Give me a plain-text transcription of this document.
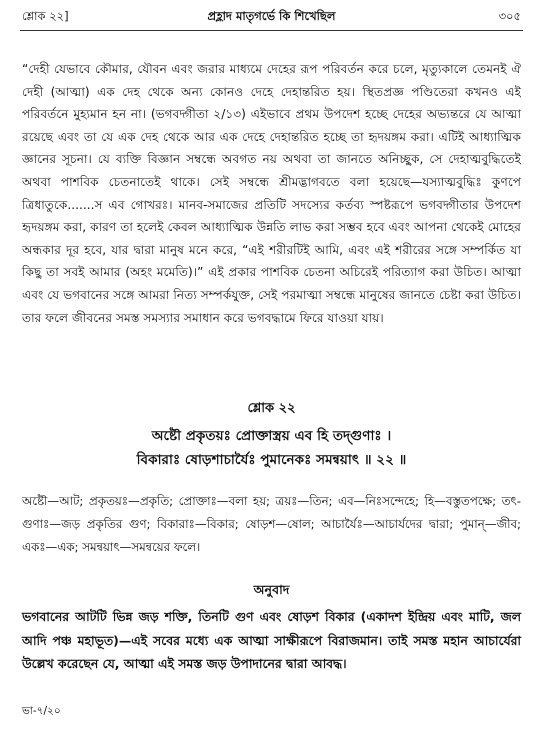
শ্লোক ২২]	প্রহ্লাদ মাতৃগর্ভে কি শিখেছিল	৩০৫

“দেহী যেভাবে কৌমার, যৌবন এবং জরার মাধ্যমে দেহের রূপ পরিবর্তন করে চলে, মৃত্যুকালে তেমনই ঐ দেহী (আত্মা) এক দেহ থেকে অন্য কোনও দেহে দেহান্তরিত হয়। স্থিতপ্রজ্ঞ পণ্ডিতেরা কখনও এই পরিবর্তনে মুহ্যমান হন না। (ভগবদ্গীতা ২/১৩) এইভাবে প্রথম উপদেশ হচ্ছে দেহের অভ্যন্তরে যে আত্মা রয়েছে এবং তা যে এক দেহ থেকে আর এক দেহে দেহান্তরিত হচ্ছে তা হৃদয়ঙ্গম করা। এটিই আধ্যাত্মিক জ্ঞানের সূচনা। যে ব্যক্তি বিজ্ঞান সম্বন্ধে অবগত নয় অথবা তা জানতে অনিচ্ছুক, সে দেহাত্মবুদ্ধিতেই অথবা পাশবিক চেতনাতেই থাকে। সেই সম্বন্ধে শ্রীমদ্ভাগবতে বলা হয়েছে—যস্যাত্মবুদ্ধিঃ কুণপে ত্রিধাতুকে.......স এব গোখরঃ। মানব-সমাজের প্রতিটি সদস্যের কর্তব্য স্পষ্টরূপে ভগবদ্গীতার উপদেশ হৃদয়ঙ্গম করা, কারণ তা হলেই কেবল আধ্যাত্মিক উন্নতি লাভ করা সম্ভব হবে এবং আপনা থেকেই মোহের অন্ধকার দূর হবে, যার দ্বারা মানুষ মনে করে, “এই শরীরটিই আমি, এবং এই শরীরের সঙ্গে সম্পর্কিত যা কিছু তা সবই আমার (অহং মমেতি)।” এই প্রকার পাশবিক চেতনা অচিরেই পরিত্যাগ করা উচিত। আত্মা এবং যে ভগবানের সঙ্গে আমরা নিত্য সম্পর্কযুক্ত, সেই পরমাত্মা সম্বন্ধে মানুষের জানতে চেষ্টা করা উচিত। তার ফলে জীবনের সমস্ত সমস্যার সমাধান করে ভগবদ্ধামে ফিরে যাওয়া যায়।

শ্লোক ২২
অষ্টৌ প্রকৃতয়ঃ প্রোক্তাস্ত্রয় এব হি তদ্গুণাঃ ।
বিকারাঃ ষোড়শাচার্যৈঃ পুমানেকঃ সমন্বয়াৎ ॥ ২২ ॥
অষ্টৌ—আট; প্রকৃতয়ঃ—প্রকৃতি; প্রোক্তাঃ—বলা হয়; ত্রয়ঃ—তিন; এব—নিঃসন্দেহে; হি—বস্তুতপক্ষে; তৎ-গুণাঃ—জড় প্রকৃতির গুণ; বিকারাঃ—বিকার; ষোড়শ—ষোল; আচার্যৈঃ—আচার্যদের দ্বারা; পুমান্—জীব; একঃ—এক; সমন্বয়াৎ—সমন্বয়ের ফলে।
অনুবাদ
ভগবানের আটটি ভিন্ন জড় শক্তি, তিনটি গুণ এবং ষোড়শ বিকার (একাদশ ইন্দ্রিয় এবং মাটি, জল আদি পঞ্চ মহাভূত)—এই সবের মধ্যে এক আত্মা সাক্ষীরূপে বিরাজমান। তাই সমস্ত মহান আচার্যেরা উল্লেখ করেছেন যে, আত্মা এই সমস্ত জড় উপাদানের দ্বারা আবদ্ধ।
ভা-৭/২০
